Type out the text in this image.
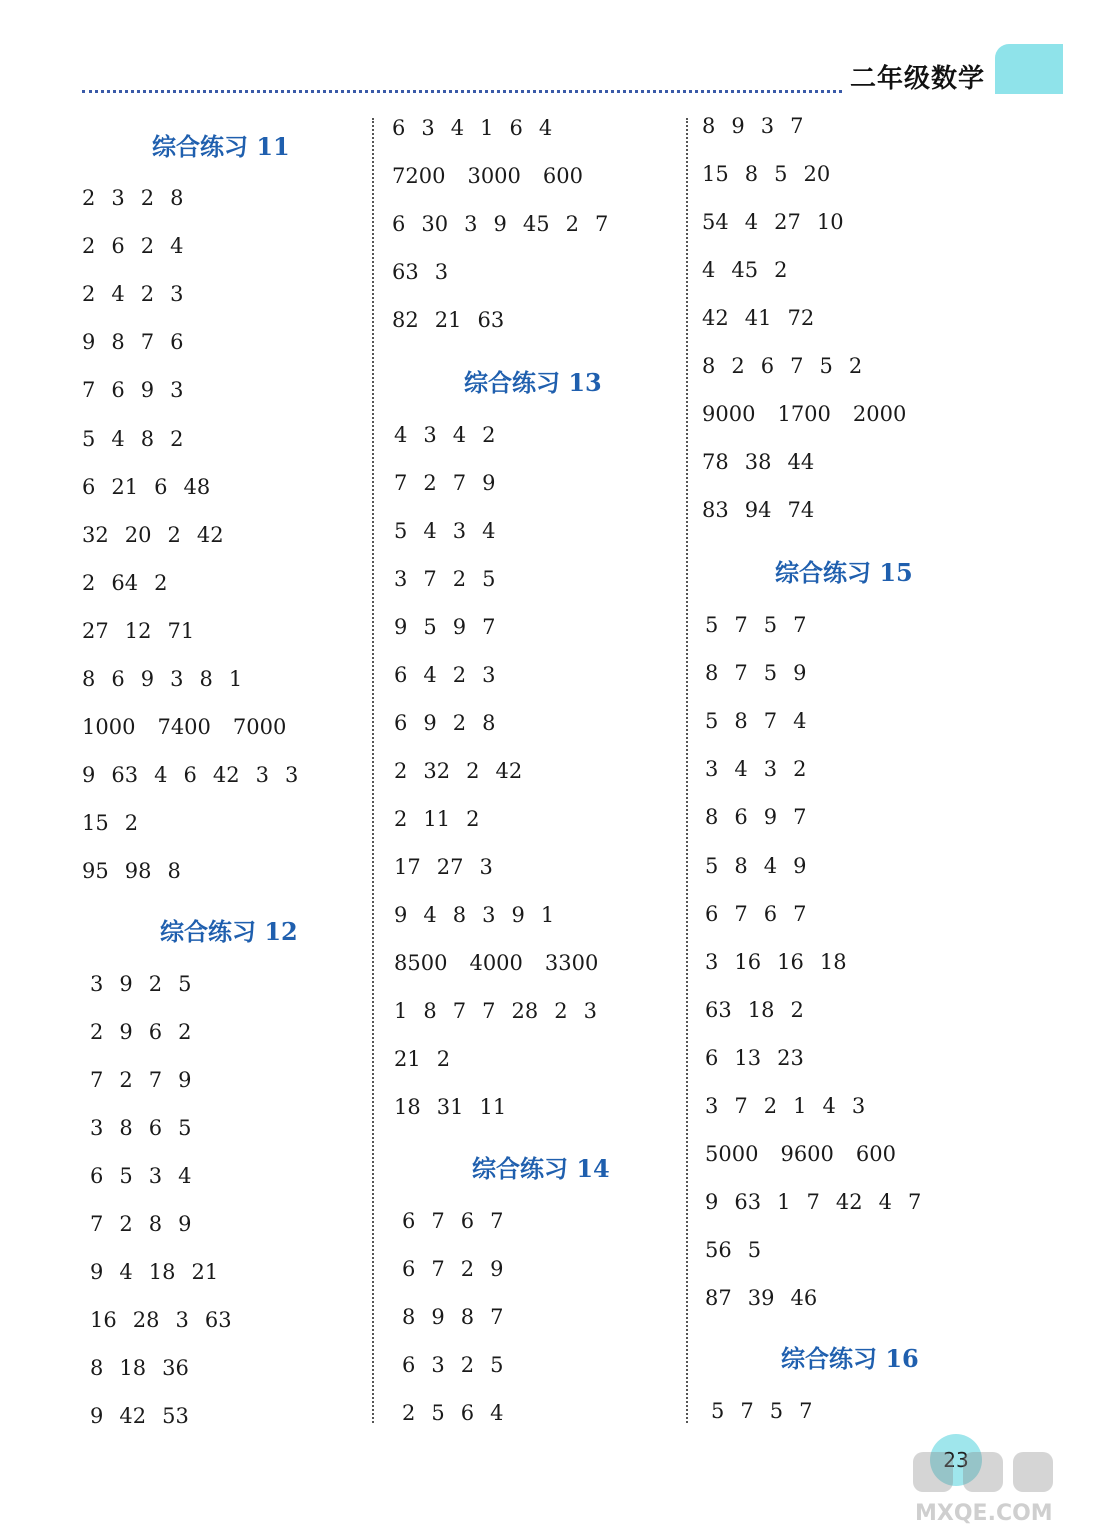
二年级数学
综合练习 11
2 3 2 8
2 6 2 4
2 4 2 3
9 8 7 6
7 6 9 3
5 4 8 2
6 21 6 48
32 20 2 42
2 64 2
27 12 71
8 6 9 3 8 1
1000 7400 7000
9 63 4 6 42 3 3
15 2
95 98 8
综合练习 12
3 9 2 5
2 9 6 2
7 2 7 9
3 8 6 5
6 5 3 4
7 2 8 9
9 4 18 21
16 28 3 63
8 18 36
9 42 53
6 3 4 1 6 4
7200 3000 600
6 30 3 9 45 2 7
63 3
82 21 63
综合练习 13
4 3 4 2
7 2 7 9
5 4 3 4
3 7 2 5
9 5 9 7
6 4 2 3
6 9 2 8
2 32 2 42
2 11 2
17 27 3
9 4 8 3 9 1
8500 4000 3300
1 8 7 7 28 2 3
21 2
18 31 11
综合练习 14
6 7 6 7
6 7 2 9
8 9 8 7
6 3 2 5
2 5 6 4
8 9 3 7
15 8 5 20
54 4 27 10
4 45 2
42 41 72
8 2 6 7 5 2
9000 1700 2000
78 38 44
83 94 74
综合练习 15
5 7 5 7
8 7 5 9
5 8 7 4
3 4 3 2
8 6 9 7
5 8 4 9
6 7 6 7
3 16 16 18
63 18 2
6 13 23
3 7 2 1 4 3
5000 9600 600
9 63 1 7 42 4 7
56 5
87 39 46
综合练习 16
5 7 5 7
23
MXQE.COM
